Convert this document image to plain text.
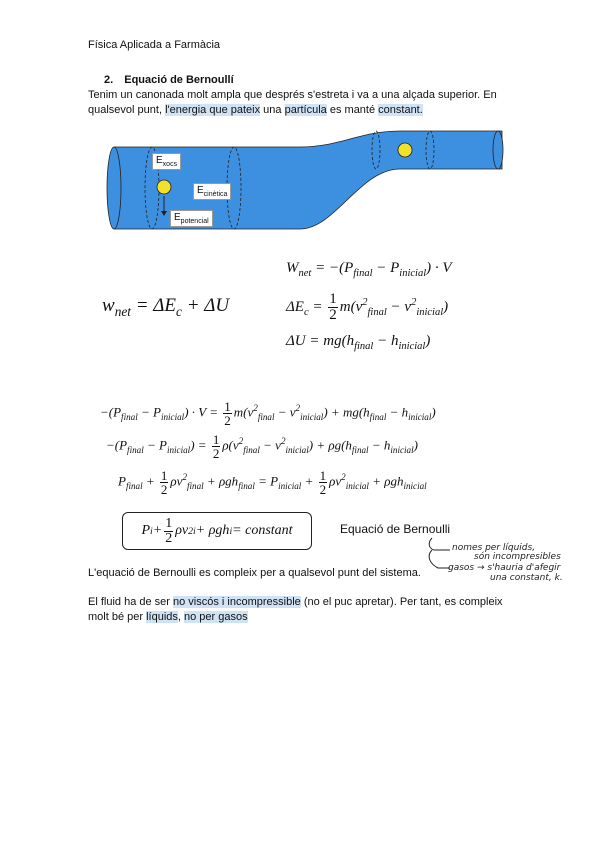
Física Aplicada a Farmàcia
2. Equació de Bernoullí
Tenim un canonada molt ampla que després s'estreta i va a una alçada superior. En
qualsevol punt, l'energia que pateix una partícula es manté constant.
$E_{xocs}$
$E_{cinètica}$
$E_{potencial}$
$w_{net} = \Delta E_c + \Delta U$
$W_{net} = -(P_{final} - P_{inicial}) \cdot V$
$\Delta E_c = \frac{1}{2} m(v^2_{final} - v^2_{inicial})$
$\Delta U = mg(h_{final} - h_{inicial})$
$-(P_{final} - P_{inicial}) \cdot V = \frac{1}{2} m(v^2_{final} - v^2_{inicial}) + mg(h_{final} - h_{inicial})$
$-(P_{final} - P_{inicial}) = \frac{1}{2} \rho(v^2_{final} - v^2_{inicial}) + \rho g(h_{final} - h_{inicial})$
$P_{final} + \frac{1}{2} \rho v^2_{final} + \rho gh_{final} = P_{inicial} + \frac{1}{2} \rho v^2_{inicial} + \rho gh_{inicial}$
P $i + \frac{1}{2}$ ρv 2 i + ρgh i = constant	Equació de Bernoulli
nomes per líquids,
són incompresibles
gasos → s'hauria d'afegir
una constant, k.
L'equació de Bernoulli es compleix per a qualsevol punt del sistema.
El fluid ha de ser no viscós i incompressible (no el puc apretar). Per tant, es compleix
molt bé per líquids, no per gasos
